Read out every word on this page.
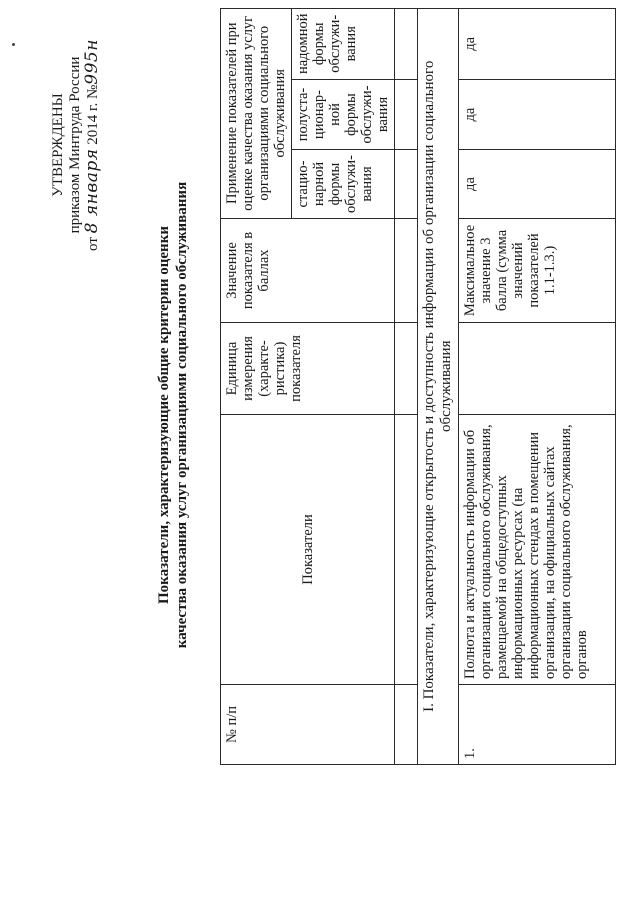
УТВЕРЖДЕНЫ приказом Минтруда России
от 8 января 2014 г. №995н
Показатели, характеризующие общие критерии оценки качества оказания услуг организациями социального обслуживания
№ п/п	Показатели	Единица измерения (характе-ристика) показателя	Значение показателя в баллах	Применение показателей при оценке качества оказания услуг организациями социального обслуживания		
				стацио-нарной формы обслужи-вания	полуста-ционар-ной формы обслужи-вания	надомной формы обслужи-вания

I. Показатели, характеризующие открытость и доступность информации об организации социального обслуживания						
1.	Полнота и актуальность информации об организации социального обслуживания, размещаемой на общедоступных информационных ресурсах (на информационных стендах в помещении организации, на официальных сайтах организации социального обслуживания, органов		Максимальное значение 3 балла (сумма значений показателей 1.1-1.3.)	да	да	да
